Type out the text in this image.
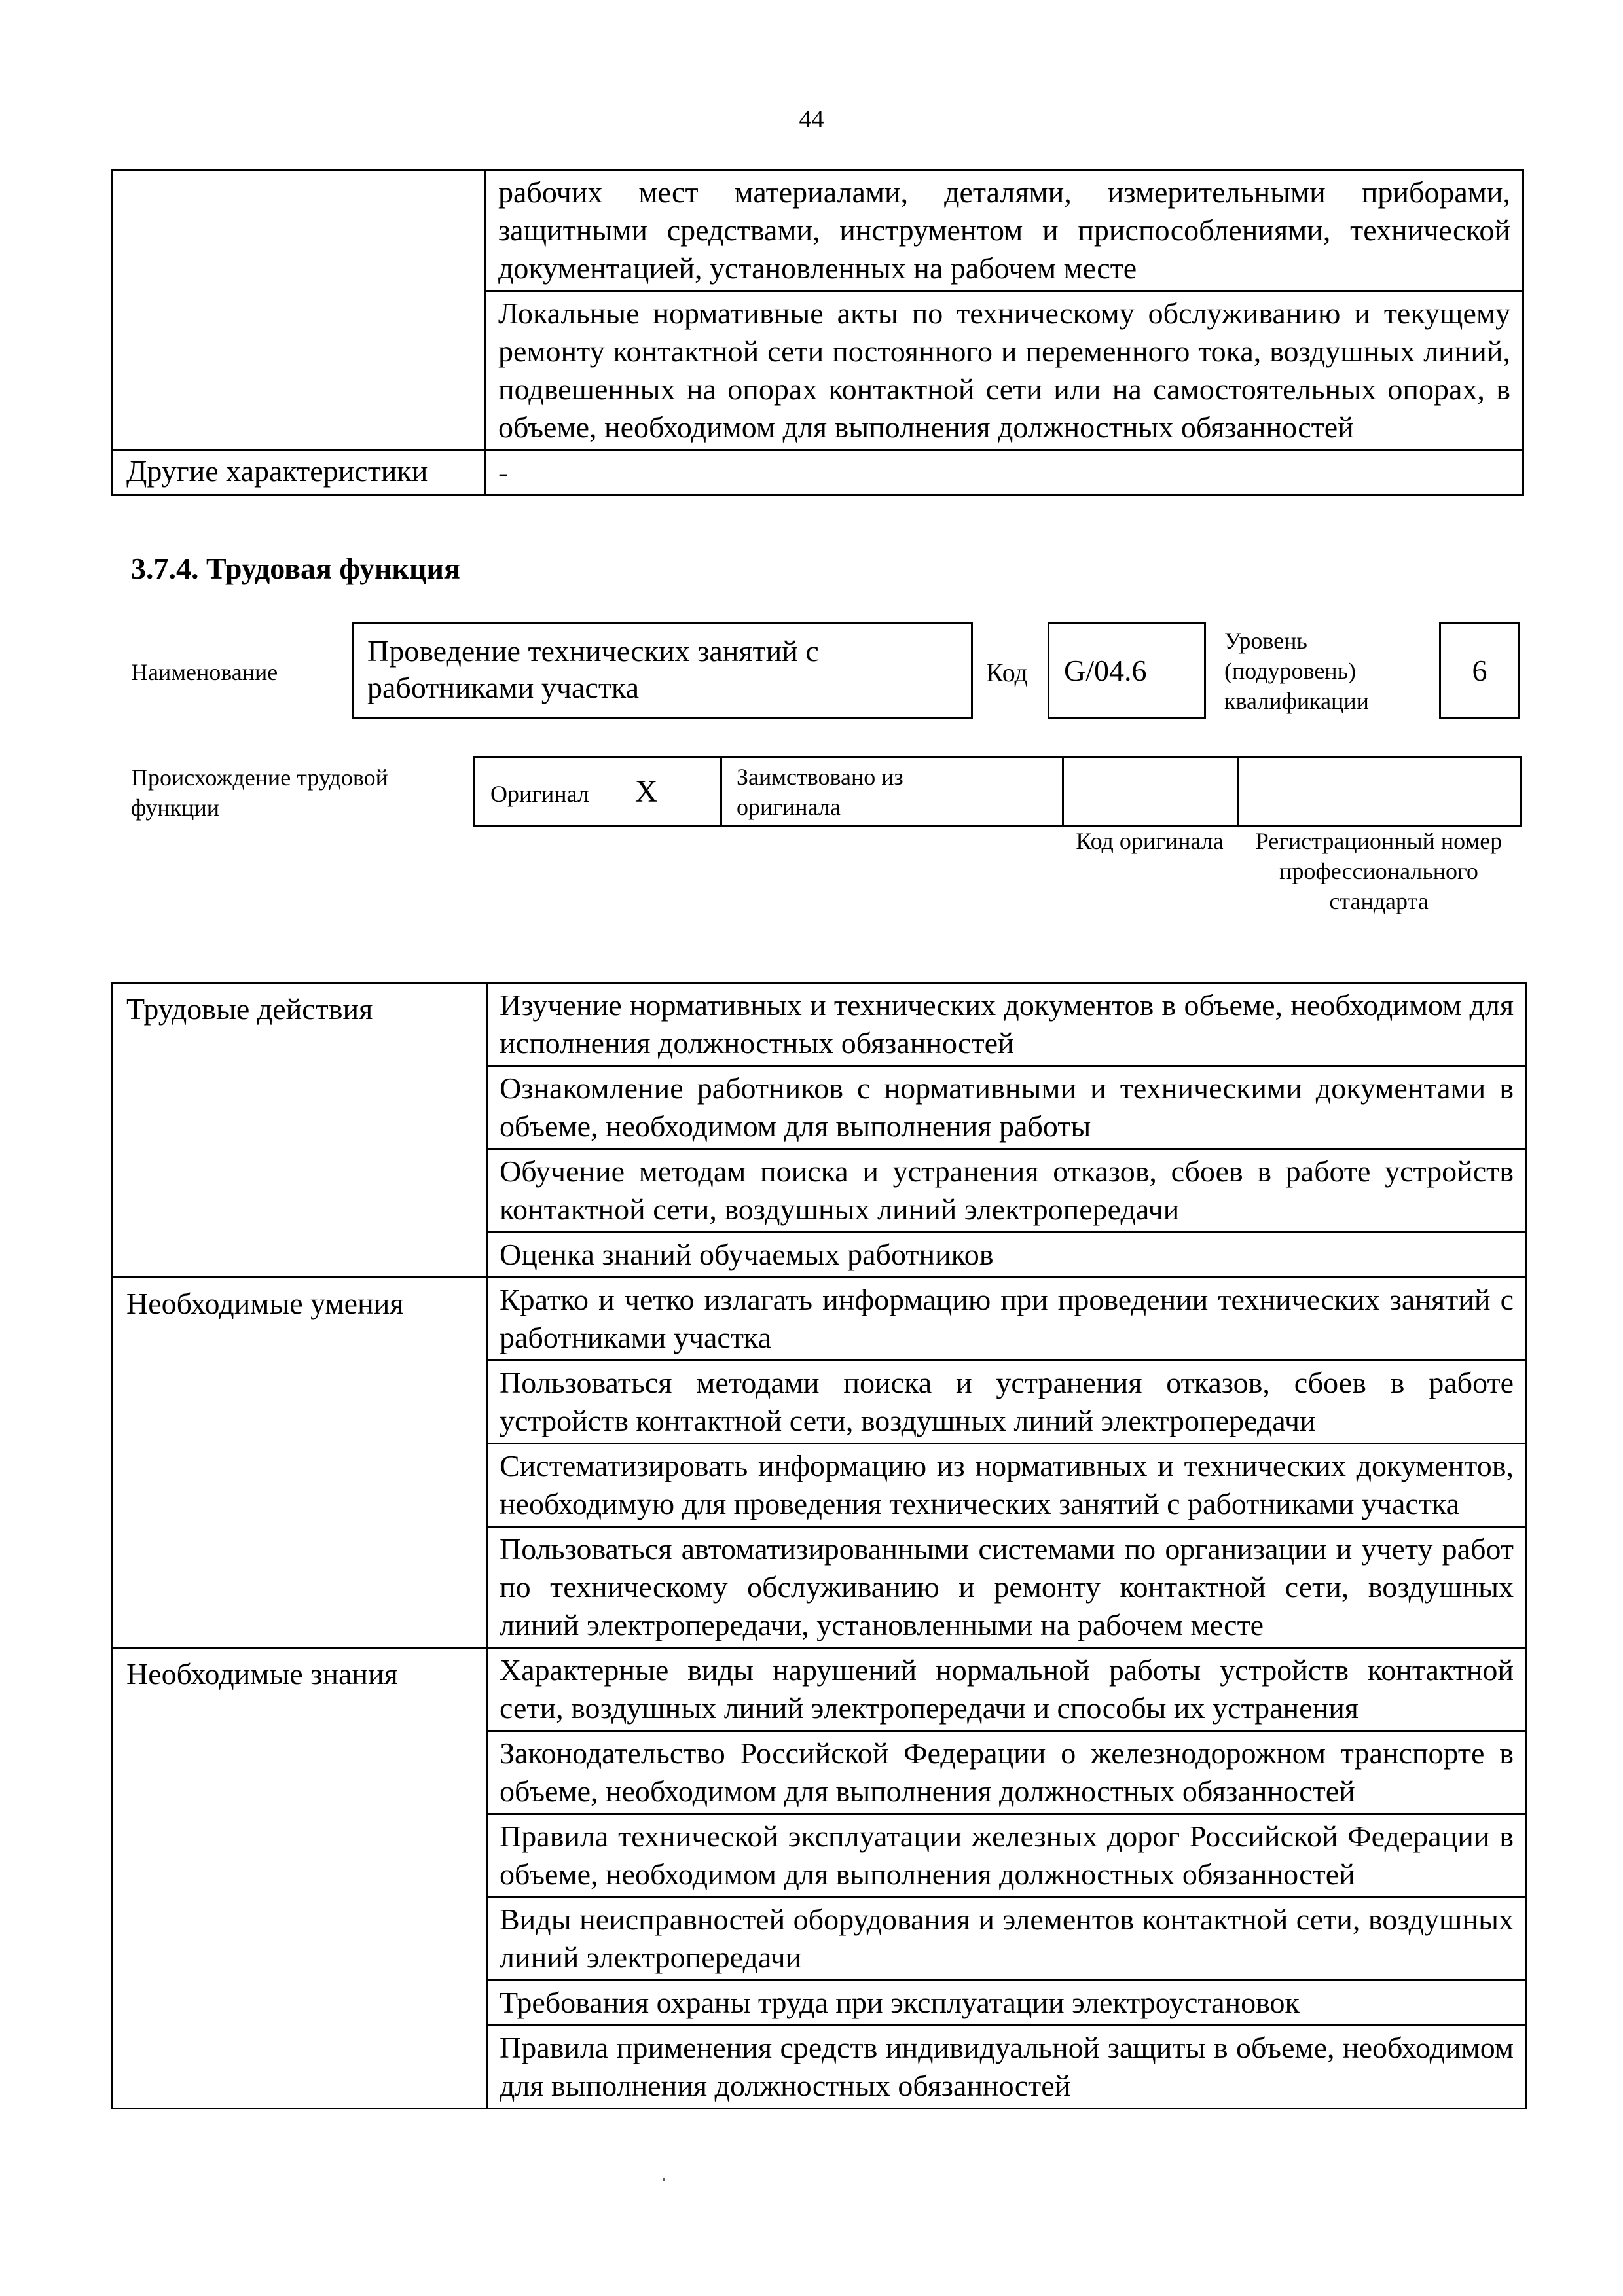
44
	рабочих мест материалами, деталями, измерительными приборами, защитными средствами, инструментом и приспособлениями, технической документацией, установленных на рабочем месте
	Локальные нормативные акты по техническому обслуживанию и текущему ремонту контактной сети постоянного и переменного тока, воздушных линий, подвешенных на опорах контактной сети или на самостоятельных опорах, в объеме, необходимом для выполнения должностных обязанностей
Другие характеристики	-
3.7.4. Трудовая функция
Наименование
Проведение технических занятий с работниками участка	Код G/04.6
Уровень (подуровень) квалификации
6
Происхождение трудовой функции
Оригинал X	Заимствовано из оригинала

Код оригинала	Регистрационный номер профессионального стандарта
Трудовые действия	Изучение нормативных и технических документов в объеме, необходимом для исполнения должностных обязанностей
	Ознакомление работников с нормативными и техническими документами в объеме, необходимом для выполнения работы
	Обучение методам поиска и устранения отказов, сбоев в работе устройств контактной сети, воздушных линий электропередачи
	Оценка знаний обучаемых работников
Необходимые умения	Кратко и четко излагать информацию при проведении технических занятий с работниками участка
	Пользоваться методами поиска и устранения отказов, сбоев в работе устройств контактной сети, воздушных линий электропередачи
	Систематизировать информацию из нормативных и технических документов, необходимую для проведения технических занятий с работниками участка
	Пользоваться автоматизированными системами по организации и учету работ по техническому обслуживанию и ремонту контактной сети, воздушных линий электропередачи, установленными на рабочем месте
Необходимые знания	Характерные виды нарушений нормальной работы устройств контактной сети, воздушных линий электропередачи и способы их устранения
	Законодательство Российской Федерации о железнодорожном транспорте в объеме, необходимом для выполнения должностных обязанностей
	Правила технической эксплуатации железных дорог Российской Федерации в объеме, необходимом для выполнения должностных обязанностей
	Виды неисправностей оборудования и элементов контактной сети, воздушных линий электропередачи
	Требования охраны труда при эксплуатации электроустановок
	Правила применения средств индивидуальной защиты в объеме, необходимом для выполнения должностных обязанностей
